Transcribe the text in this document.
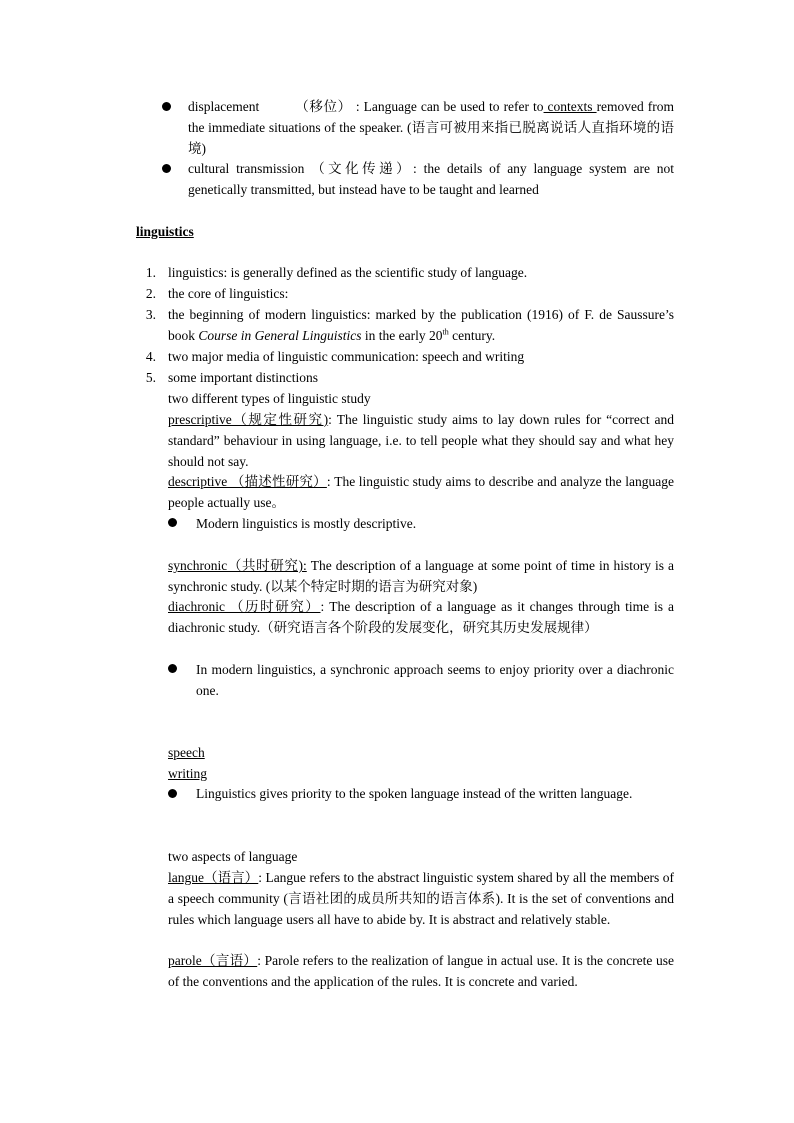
displacement	（移位） : Language can be used to refer to contexts removed from the immediate situations of the speaker. (语言可被用来指已脱离说话人直指环境的语境)
cultural transmission （文化传递）: the details of any language system are not genetically transmitted, but instead have to be taught and learned
linguistics
1. linguistics: is generally defined as the scientific study of language.
2. the core of linguistics:
3. the beginning of modern linguistics: marked by the publication (1916) of F. de Saussure’s book Course in General Linguistics in the early 20th century.
4. two major media of linguistic communication: speech and writing
5. some important distinctions
two different types of linguistic study
prescriptive（规定性研究): The linguistic study aims to lay down rules for “correct and standard” behaviour in using language, i.e. to tell people what they should say and what hey should not say.
descriptive （描述性研究）: The linguistic study aims to describe and analyze the language people actually use。
Modern linguistics is mostly descriptive.
synchronic（共时研究): The description of a language at some point of time in history is a synchronic study. (以某个特定时期的语言为研究对象)
diachronic （历时研究）: The description of a language as it changes through time is a diachronic study.（研究语言各个阶段的发展变化，研究其历史发展规律）
In modern linguistics, a synchronic approach seems to enjoy priority over a diachronic one.
speech
writing
Linguistics gives priority to the spoken language instead of the written language.
two aspects of language
langue（语言）: Langue refers to the abstract linguistic system shared by all the members of a speech community (言语社团的成员所共知的语言体系). It is the set of conventions and rules which language users all have to abide by. It is abstract and relatively stable.
parole（言语）: Parole refers to the realization of langue in actual use. It is the concrete use of the conventions and the application of the rules. It is concrete and varied.
